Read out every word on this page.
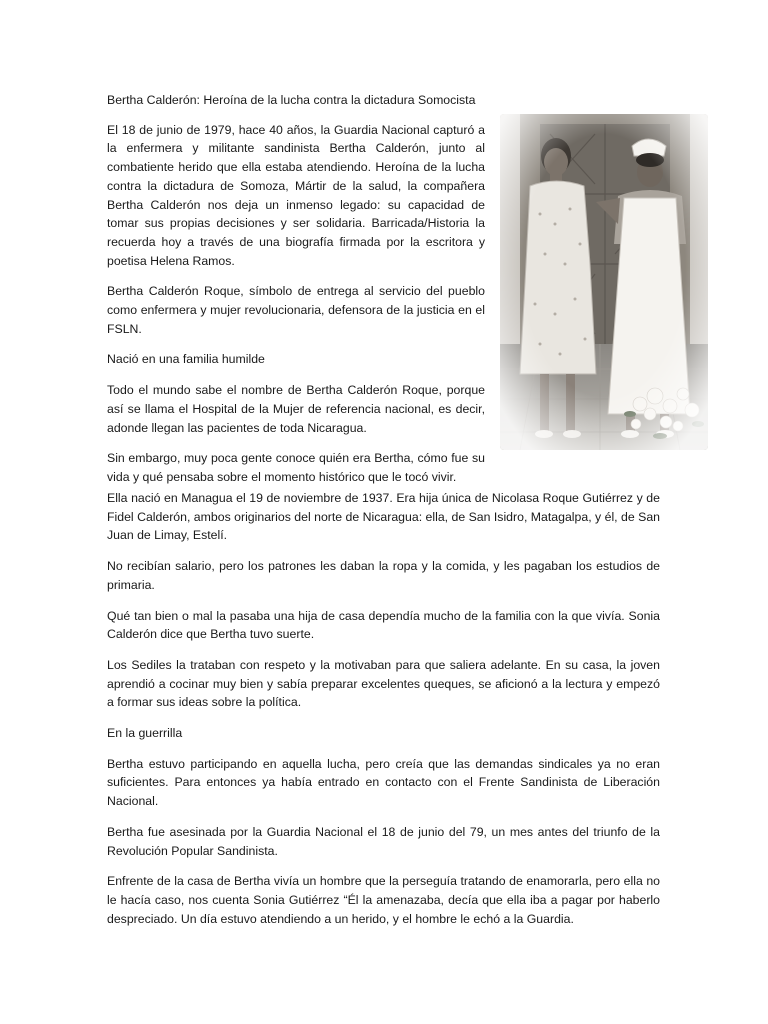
Bertha Calderón: Heroína de la lucha contra la dictadura Somocista

El 18 de junio de 1979, hace 40 años, la Guardia Nacional capturó a la enfermera y militante sandinista Bertha Calderón, junto al combatiente herido que ella estaba atendiendo. Heroína de la lucha contra la dictadura de Somoza, Mártir de la salud, la compañera Bertha Calderón nos deja un inmenso legado: su capacidad de tomar sus propias decisiones y ser solidaria. Barricada/Historia la recuerda hoy a través de una biografía firmada por la escritora y poetisa Helena Ramos.

Bertha Calderón Roque, símbolo de entrega al servicio del pueblo como enfermera y mujer revolucionaria, defensora de la justicia en el FSLN.

Nació en una familia humilde

Todo el mundo sabe el nombre de Bertha Calderón Roque, porque así se llama el Hospital de la Mujer de referencia nacional, es decir, adonde llegan las pacientes de toda Nicaragua.

Sin embargo, muy poca gente conoce quién era Bertha, cómo fue su vida y qué pensaba sobre el momento histórico que le tocó vivir.

Ella nació en Managua el 19 de noviembre de 1937. Era hija única de Nicolasa Roque Gutiérrez y de Fidel Calderón, ambos originarios del norte de Nicaragua: ella, de San Isidro, Matagalpa, y él, de San Juan de Limay, Estelí.

No recibían salario, pero los patrones les daban la ropa y la comida, y les pagaban los estudios de primaria.

Qué tan bien o mal la pasaba una hija de casa dependía mucho de la familia con la que vivía. Sonia Calderón dice que Bertha tuvo suerte.

Los Sediles la trataban con respeto y la motivaban para que saliera adelante. En su casa, la joven aprendió a cocinar muy bien y sabía preparar excelentes queques, se aficionó a la lectura y empezó a formar sus ideas sobre la política.

En la guerrilla

Bertha estuvo participando en aquella lucha, pero creía que las demandas sindicales ya no eran suficientes. Para entonces ya había entrado en contacto con el Frente Sandinista de Liberación Nacional.

Bertha fue asesinada por la Guardia Nacional el 18 de junio del 79, un mes antes del triunfo de la Revolución Popular Sandinista.

Enfrente de la casa de Bertha vivía un hombre que la perseguía tratando de enamorarla, pero ella no le hacía caso, nos cuenta Sonia Gutiérrez “Él la amenazaba, decía que ella iba a pagar por haberlo despreciado. Un día estuvo atendiendo a un herido, y el hombre le echó a la Guardia.
